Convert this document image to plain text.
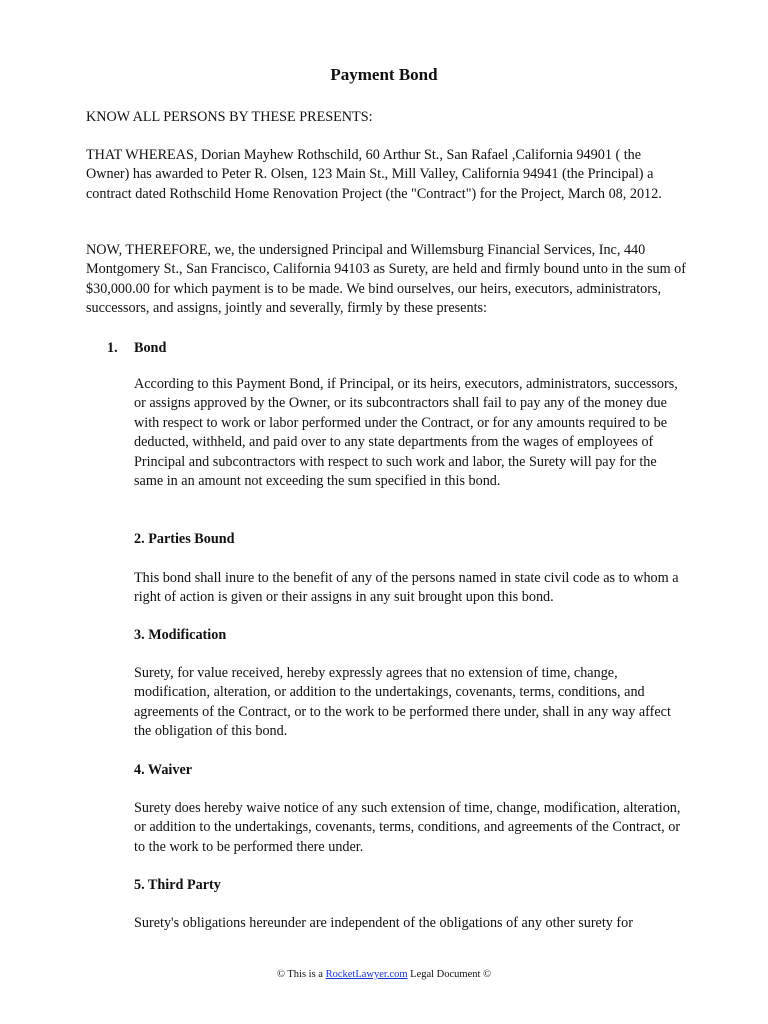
Payment Bond

KNOW ALL PERSONS BY THESE PRESENTS:

THAT WHEREAS, Dorian Mayhew Rothschild, 60 Arthur St., San Rafael ,California 94901 ( the Owner) has awarded to Peter R. Olsen, 123 Main St., Mill Valley, California 94941 (the Principal) a contract dated Rothschild Home Renovation Project (the "Contract") for the Project, March 08, 2012.

NOW, THEREFORE, we, the undersigned Principal and Willemsburg Financial Services, Inc, 440 Montgomery St., San Francisco, California 94103 as Surety, are held and firmly bound unto in the sum of $30,000.00 for which payment is to be made. We bind ourselves, our heirs, executors, administrators, successors, and assigns, jointly and severally, firmly by these presents:

1. Bond

According to this Payment Bond, if Principal, or its heirs, executors, administrators, successors, or assigns approved by the Owner, or its subcontractors shall fail to pay any of the money due with respect to work or labor performed under the Contract, or for any amounts required to be deducted, withheld, and paid over to any state departments from the wages of employees of Principal and subcontractors with respect to such work and labor, the Surety will pay for the same in an amount not exceeding the sum specified in this bond.

2. Parties Bound

This bond shall inure to the benefit of any of the persons named in state civil code as to whom a right of action is given or their assigns in any suit brought upon this bond.

3. Modification

Surety, for value received, hereby expressly agrees that no extension of time, change, modification, alteration, or addition to the undertakings, covenants, terms, conditions, and agreements of the Contract, or to the work to be performed there under, shall in any way affect the obligation of this bond.

4. Waiver

Surety does hereby waive notice of any such extension of time, change, modification, alteration, or addition to the undertakings, covenants, terms, conditions, and agreements of the Contract, or to the work to be performed there under.

5. Third Party

Surety's obligations hereunder are independent of the obligations of any other surety for

© This is a RocketLawyer.com Legal Document ©
